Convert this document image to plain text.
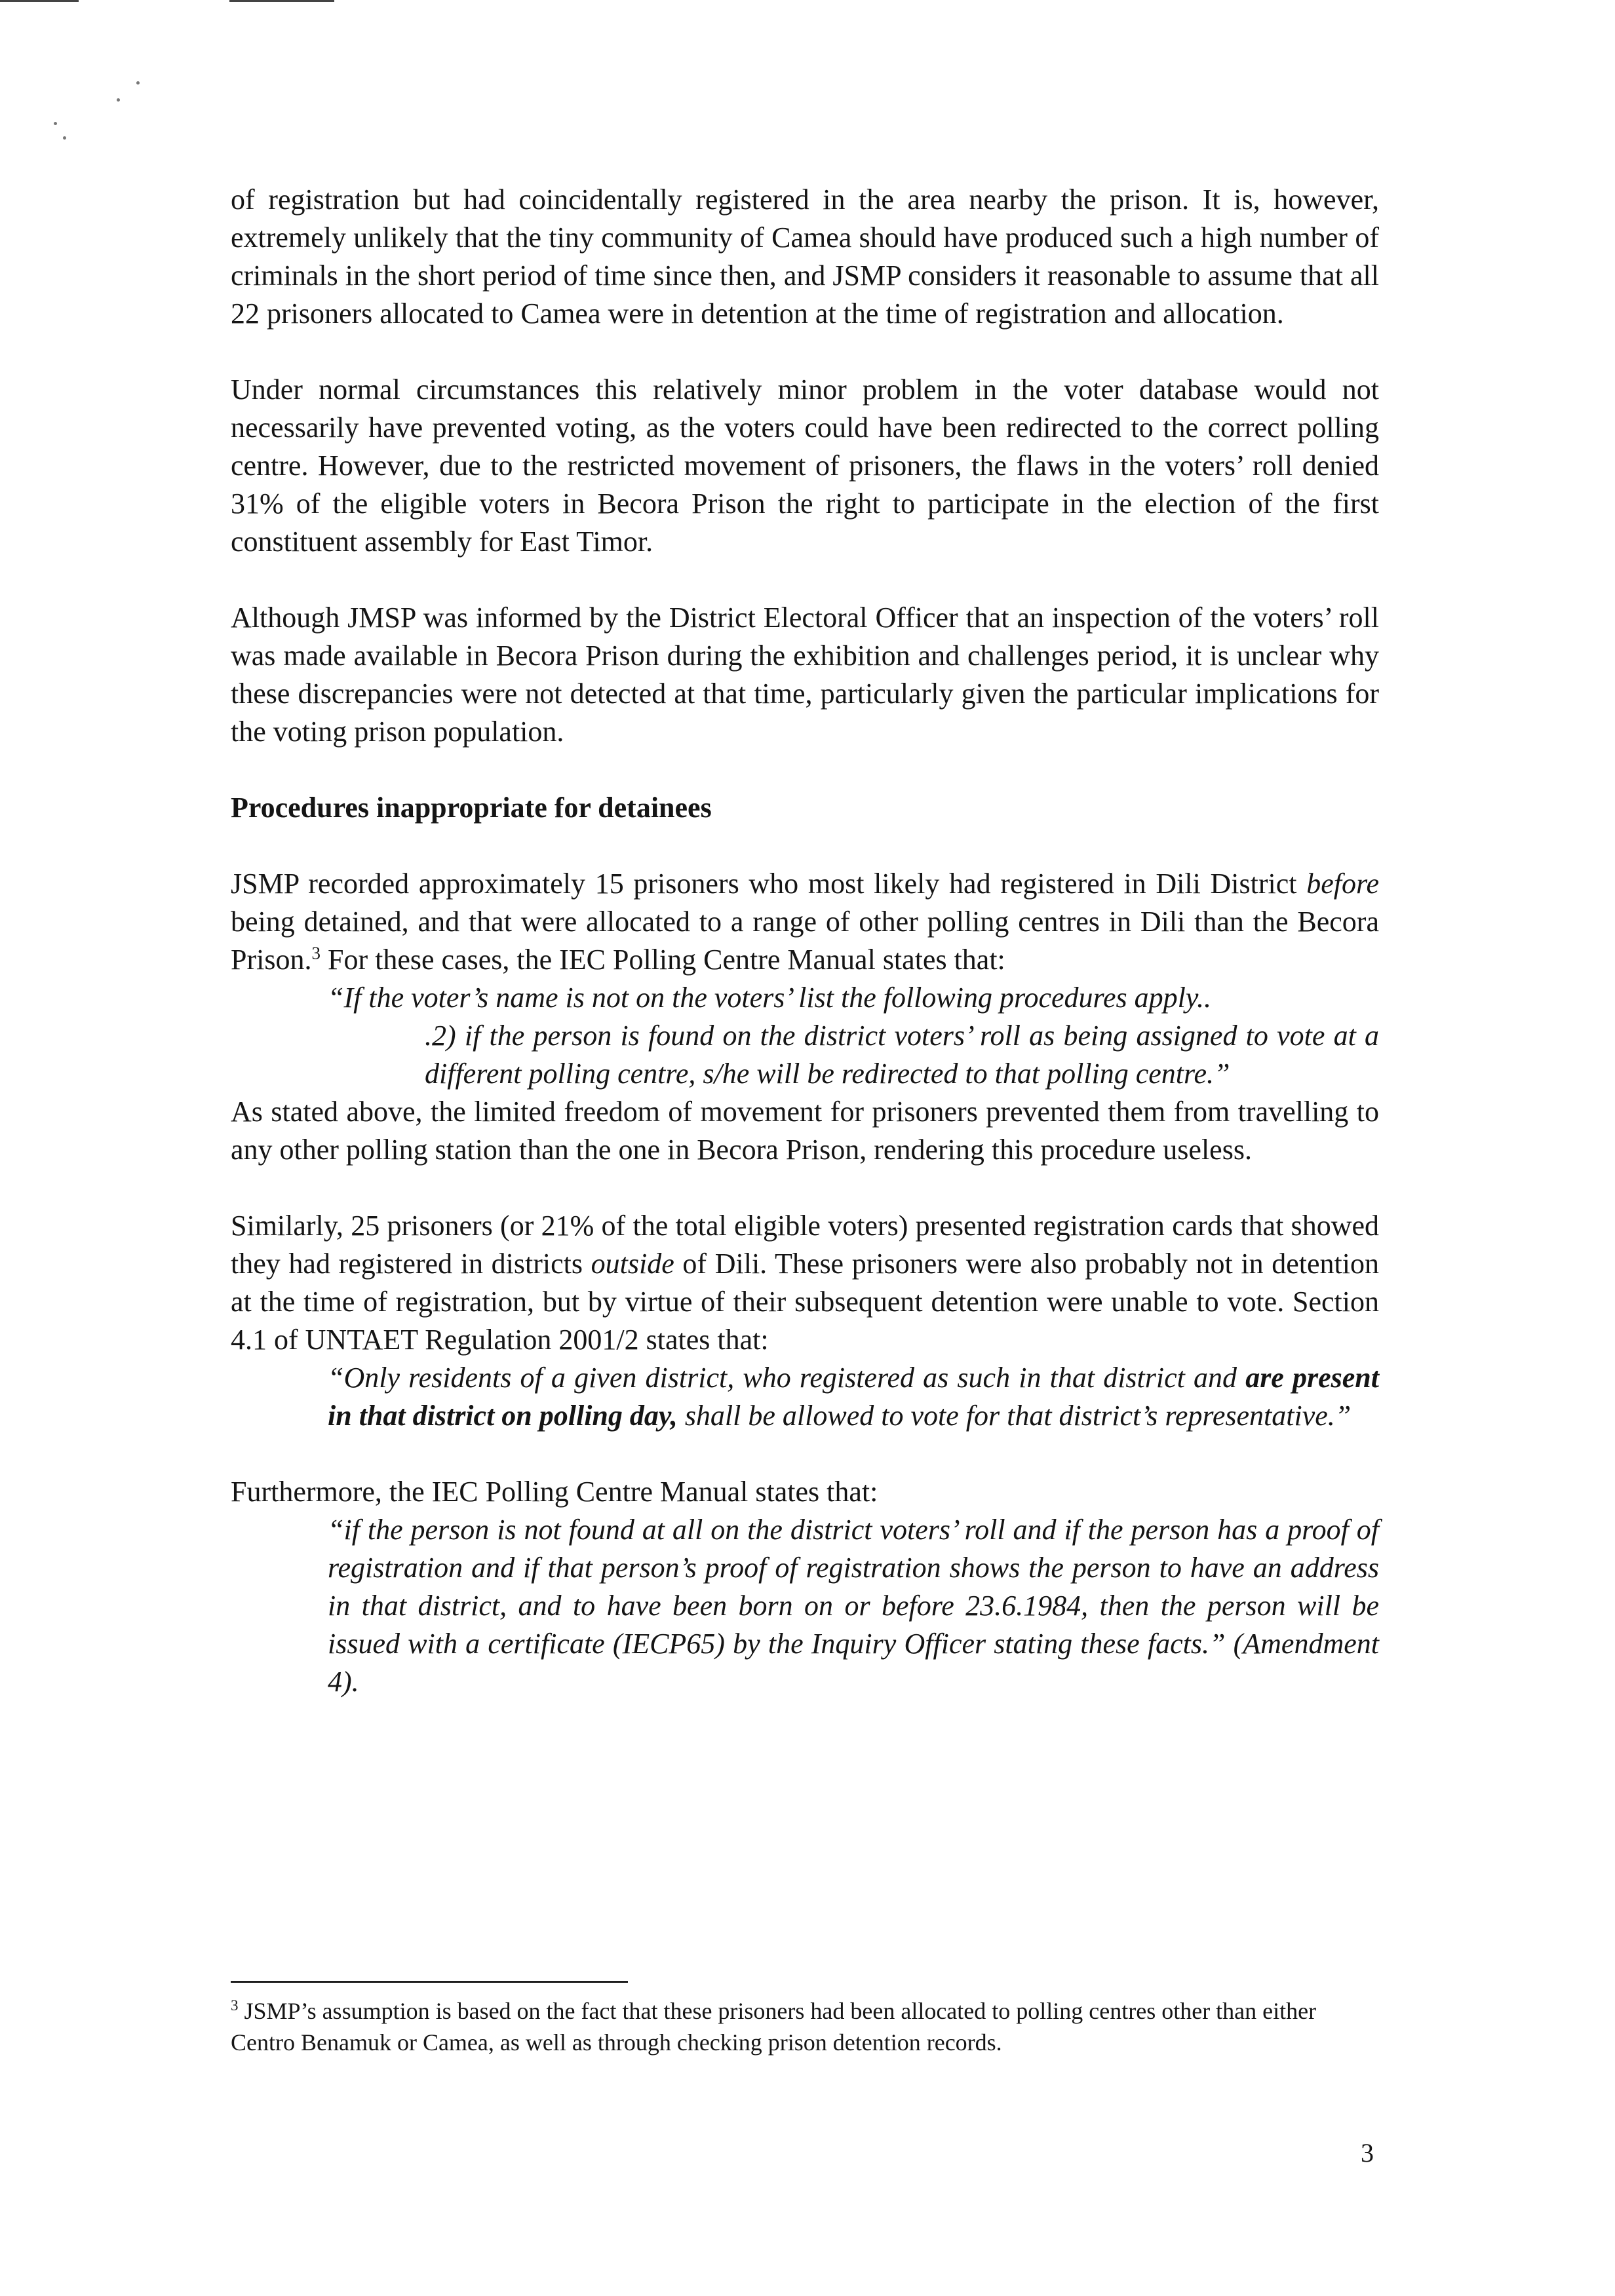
of registration but had coincidentally registered in the area nearby the prison. It is, however, extremely unlikely that the tiny community of Camea should have produced such a high number of criminals in the short period of time since then, and JSMP considers it reasonable to assume that all 22 prisoners allocated to Camea were in detention at the time of registration and allocation.

Under normal circumstances this relatively minor problem in the voter database would not necessarily have prevented voting, as the voters could have been redirected to the correct polling centre. However, due to the restricted movement of prisoners, the flaws in the voters’ roll denied 31% of the eligible voters in Becora Prison the right to participate in the election of the first constituent assembly for East Timor.

Although JMSP was informed by the District Electoral Officer that an inspection of the voters’ roll was made available in Becora Prison during the exhibition and challenges period, it is unclear why these discrepancies were not detected at that time, particularly given the particular implications for the voting prison population.

Procedures inappropriate for detainees

JSMP recorded approximately 15 prisoners who most likely had registered in Dili District before being detained, and that were allocated to a range of other polling centres in Dili than the Becora Prison.$^3$ For these cases, the IEC Polling Centre Manual states that:

“If the voter’s name is not on the voters’ list the following procedures apply..
.2) if the person is found on the district voters’ roll as being assigned to vote at a different polling centre, s/he will be redirected to that polling centre.”

As stated above, the limited freedom of movement for prisoners prevented them from travelling to any other polling station than the one in Becora Prison, rendering this procedure useless.

Similarly, 25 prisoners (or 21% of the total eligible voters) presented registration cards that showed they had registered in districts outside of Dili. These prisoners were also probably not in detention at the time of registration, but by virtue of their subsequent detention were unable to vote. Section 4.1 of UNTAET Regulation 2001/2 states that:

“Only residents of a given district, who registered as such in that district and are present in that district on polling day, shall be allowed to vote for that district’s representative.”

Furthermore, the IEC Polling Centre Manual states that:

“if the person is not found at all on the district voters’ roll and if the person has a proof of registration and if that person’s proof of registration shows the person to have an address in that district, and to have been born on or before 23.6.1984, then the person will be issued with a certificate (IECP65) by the Inquiry Officer stating these facts.” (Amendment 4).
$^3$ JSMP’s assumption is based on the fact that these prisoners had been allocated to polling centres other than either Centro Benamuk or Camea, as well as through checking prison detention records.
3
